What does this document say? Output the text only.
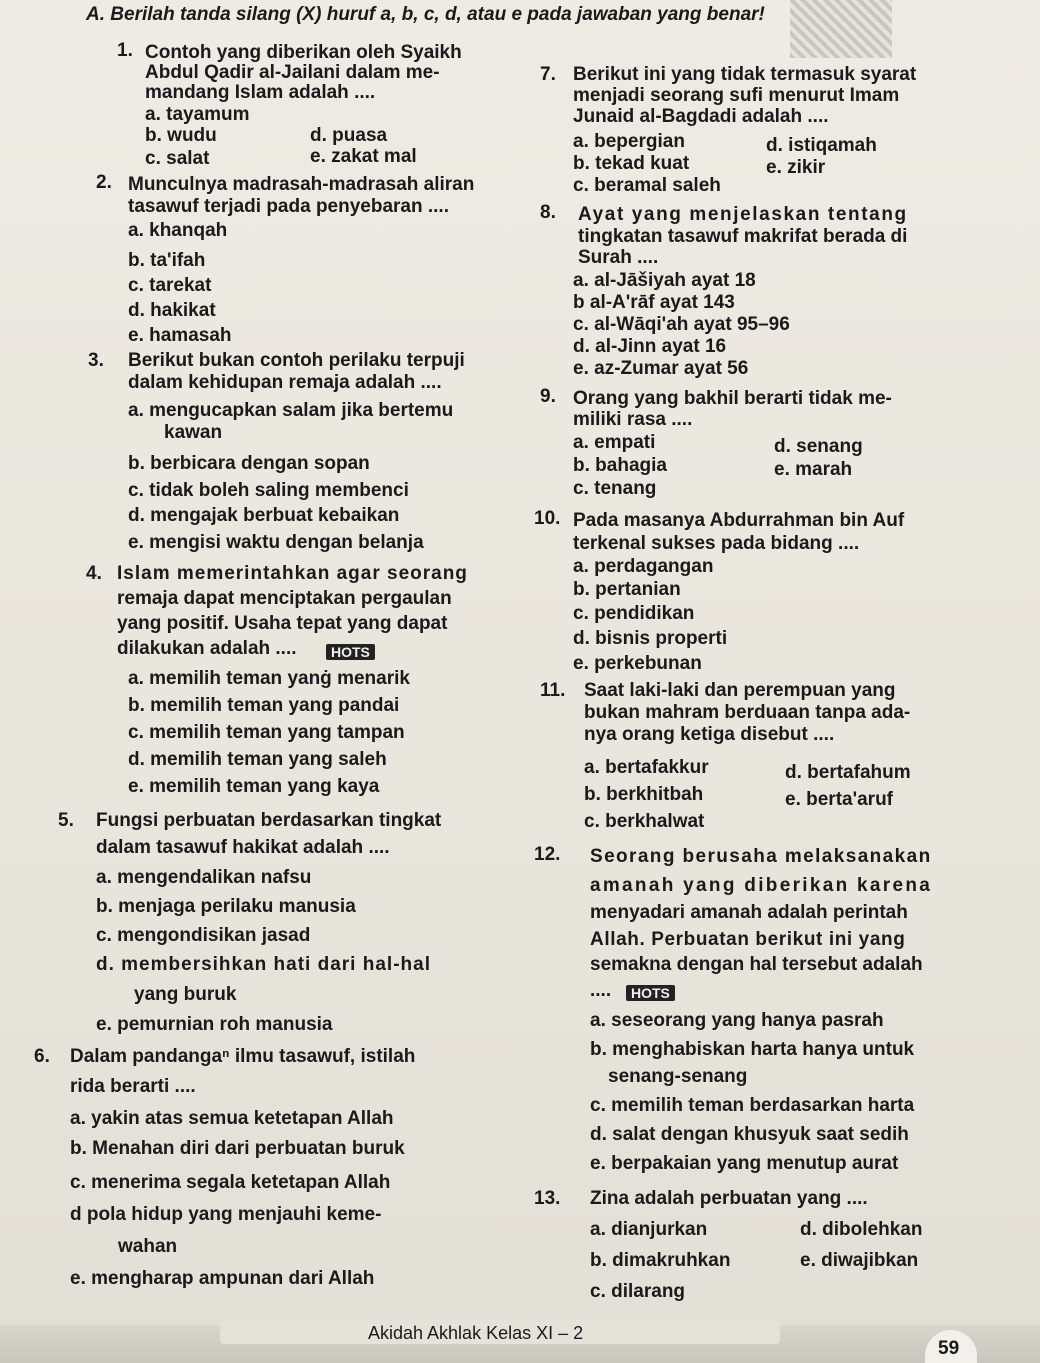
A. Berilah tanda silang (X) huruf a, b, c, d, atau e pada jawaban yang benar!
1. Contoh yang diberikan oleh Syaikh
Abdul Qadir al-Jailani dalam me-
mandang Islam adalah ....
a. tayamum
d. puasa
b. wudu
e. zakat mal
c. salat
2. Munculnya madrasah-madrasah aliran
tasawuf terjadi pada penyebaran ....
a. khanqah
b. ta'ifah
c. tarekat
d. hakikat
e. hamasah
3. Berikut bukan contoh perilaku terpuji
dalam kehidupan remaja adalah ....
a. mengucapkan salam jika bertemu
kawan
b. berbicara dengan sopan
c. tidak boleh saling membenci
d. mengajak berbuat kebaikan
e. mengisi waktu dengan belanja
4. Islam memerintahkan agar seorang
remaja dapat menciptakan pergaulan
yang positif. Usaha tepat yang dapat
dilakukan adalah ....	HOTS
a. memilih teman yanġ menarik
b. memilih teman yang pandai
c. memilih teman yang tampan
d. memilih teman yang saleh
e. memilih teman yang kaya
5. Fungsi perbuatan berdasarkan tingkat
dalam tasawuf hakikat adalah ....
a. mengendalikan nafsu
b. menjaga perilaku manusia
c. mengondisikan jasad
d. membersihkan hati dari hal-hal
yang buruk
e. pemurnian roh manusia
6. Dalam pandangaⁿ ilmu tasawuf, istilah
rida berarti ....
a. yakin atas semua ketetapan Allah
b. Menahan diri dari perbuatan buruk
c. menerima segala ketetapan Allah
d pola hidup yang menjauhi keme-
wahan
e. mengharap ampunan dari Allah
7. Berikut ini yang tidak termasuk syarat
menjadi seorang sufi menurut Imam
Junaid al-Bagdadi adalah ....
a. bepergian	d. istiqamah
b. tekad kuat	e. zikir
c. beramal saleh
8. Ayat yang menjelaskan tentang
tingkatan tasawuf makrifat berada di
Surah ....
a. al-Jāšiyah ayat 18
b al-A'rāf ayat 143
c. al-Wāqi'ah ayat 95–96
d. al-Jinn ayat 16
e. az-Zumar ayat 56
9. Orang yang bakhil berarti tidak me-
miliki rasa ....
a. empati	d. senang
b. bahagia	e. marah
c. tenang
10. Pada masanya Abdurrahman bin Auf
terkenal sukses pada bidang ....
a. perdagangan
b. pertanian
c. pendidikan
d. bisnis properti
e. perkebunan
11. Saat laki-laki dan perempuan yang
bukan mahram berduaan tanpa ada-
nya orang ketiga disebut ....
a. bertafakkur	d. bertafahum
b. berkhitbah	e. berta'aruf
c. berkhalwat
12. Seorang berusaha melaksanakan
amanah yang diberikan karena
menyadari amanah adalah perintah
Allah. Perbuatan berikut ini yang
semakna dengan hal tersebut adalah
....	HOTS
a. seseorang yang hanya pasrah
b. menghabiskan harta hanya untuk
senang-senang
c. memilih teman berdasarkan harta
d. salat dengan khusyuk saat sedih
e. berpakaian yang menutup aurat
13. Zina adalah perbuatan yang ....
a. dianjurkan	d. dibolehkan
b. dimakruhkan	e. diwajibkan
c. dilarang
Akidah Akhlak Kelas XI – 2
59
